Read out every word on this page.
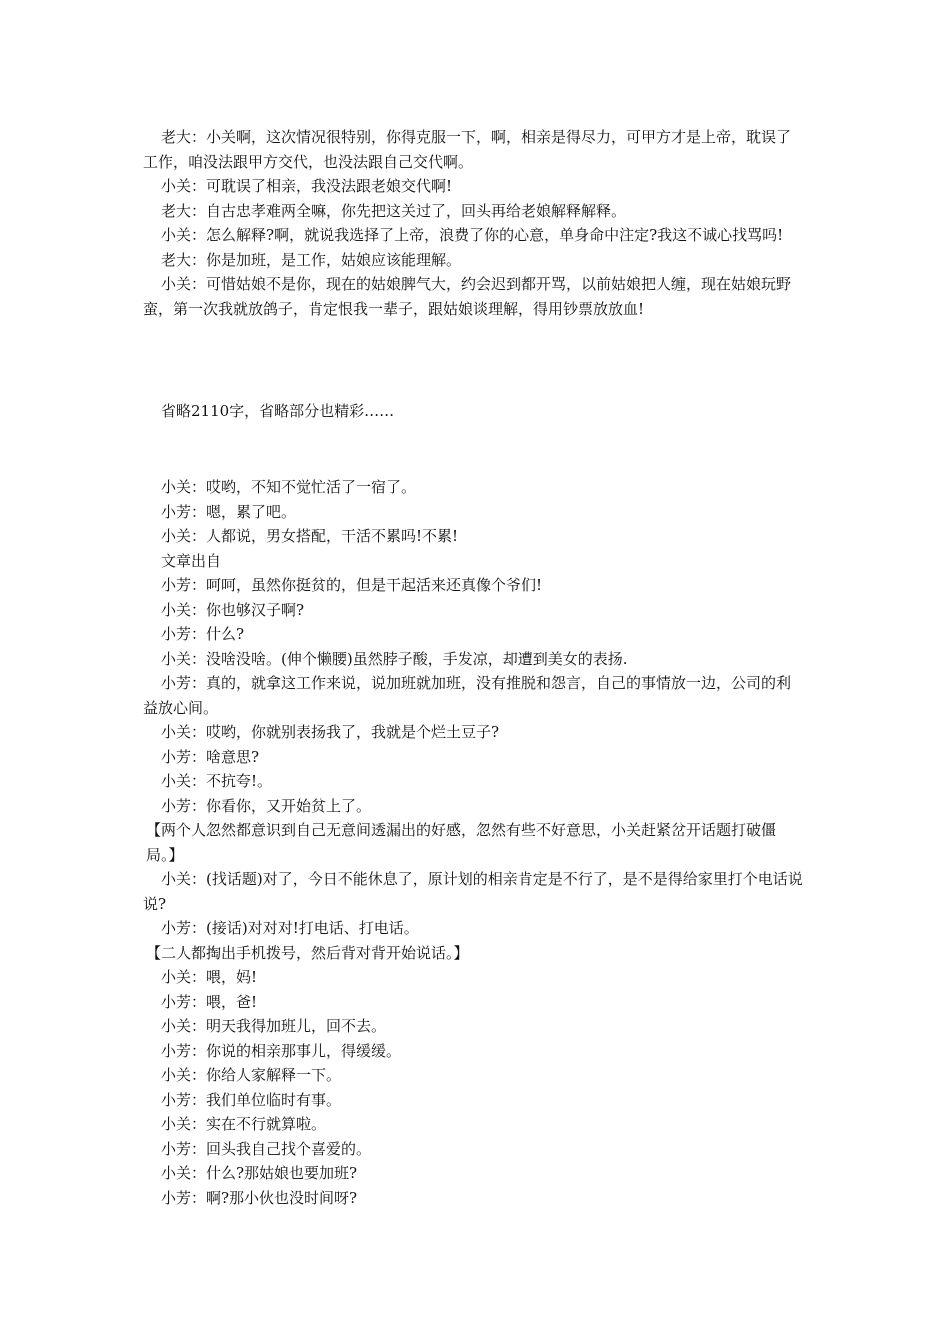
老大：小关啊，这次情况很特别，你得克服一下，啊，相亲是得尽力，可甲方才是上帝，耽误了工作，咱没法跟甲方交代，也没法跟自己交代啊。

小关：可耽误了相亲，我没法跟老娘交代啊!

老大：自古忠孝难两全嘛，你先把这关过了，回头再给老娘解释解释。

小关：怎么解释?啊，就说我选择了上帝，浪费了你的心意，单身命中注定?我这不诚心找骂吗!

老大：你是加班，是工作，姑娘应该能理解。

小关：可惜姑娘不是你，现在的姑娘脾气大，约会迟到都开骂，以前姑娘把人缠，现在姑娘玩野蛮，第一次我就放鸽子，肯定恨我一辈子，跟姑娘谈理解，得用钞票放放血!

省略2110字，省略部分也精彩……

小关：哎哟，不知不觉忙活了一宿了。

小芳：嗯，累了吧。

小关：人都说，男女搭配，干活不累吗!不累!

文章出自

小芳：呵呵，虽然你挺贫的，但是干起活来还真像个爷们!

小关：你也够汉子啊?

小芳：什么?

小关：没啥没啥。(伸个懒腰)虽然脖子酸，手发凉，却遭到美女的表扬.

小芳：真的，就拿这工作来说，说加班就加班，没有推脱和怨言，自己的事情放一边，公司的利益放心间。

小关：哎哟，你就别表扬我了，我就是个烂土豆子?

小芳：啥意思?

小关：不抗夸!。

小芳：你看你，又开始贫上了。

【两个人忽然都意识到自己无意间透漏出的好感，忽然有些不好意思，小关赶紧岔开话题打破僵局。】

小关：(找话题)对了，今日不能休息了，原计划的相亲肯定是不行了，是不是得给家里打个电话说说?

小芳：(接话)对对对!打电话、打电话。

【二人都掏出手机拨号，然后背对背开始说话。】

小关：喂，妈!

小芳：喂，爸!

小关：明天我得加班儿，回不去。

小芳：你说的相亲那事儿，得缓缓。

小关：你给人家解释一下。

小芳：我们单位临时有事。

小关：实在不行就算啦。

小芳：回头我自己找个喜爱的。

小关：什么?那姑娘也要加班?

小芳：啊?那小伙也没时间呀?
